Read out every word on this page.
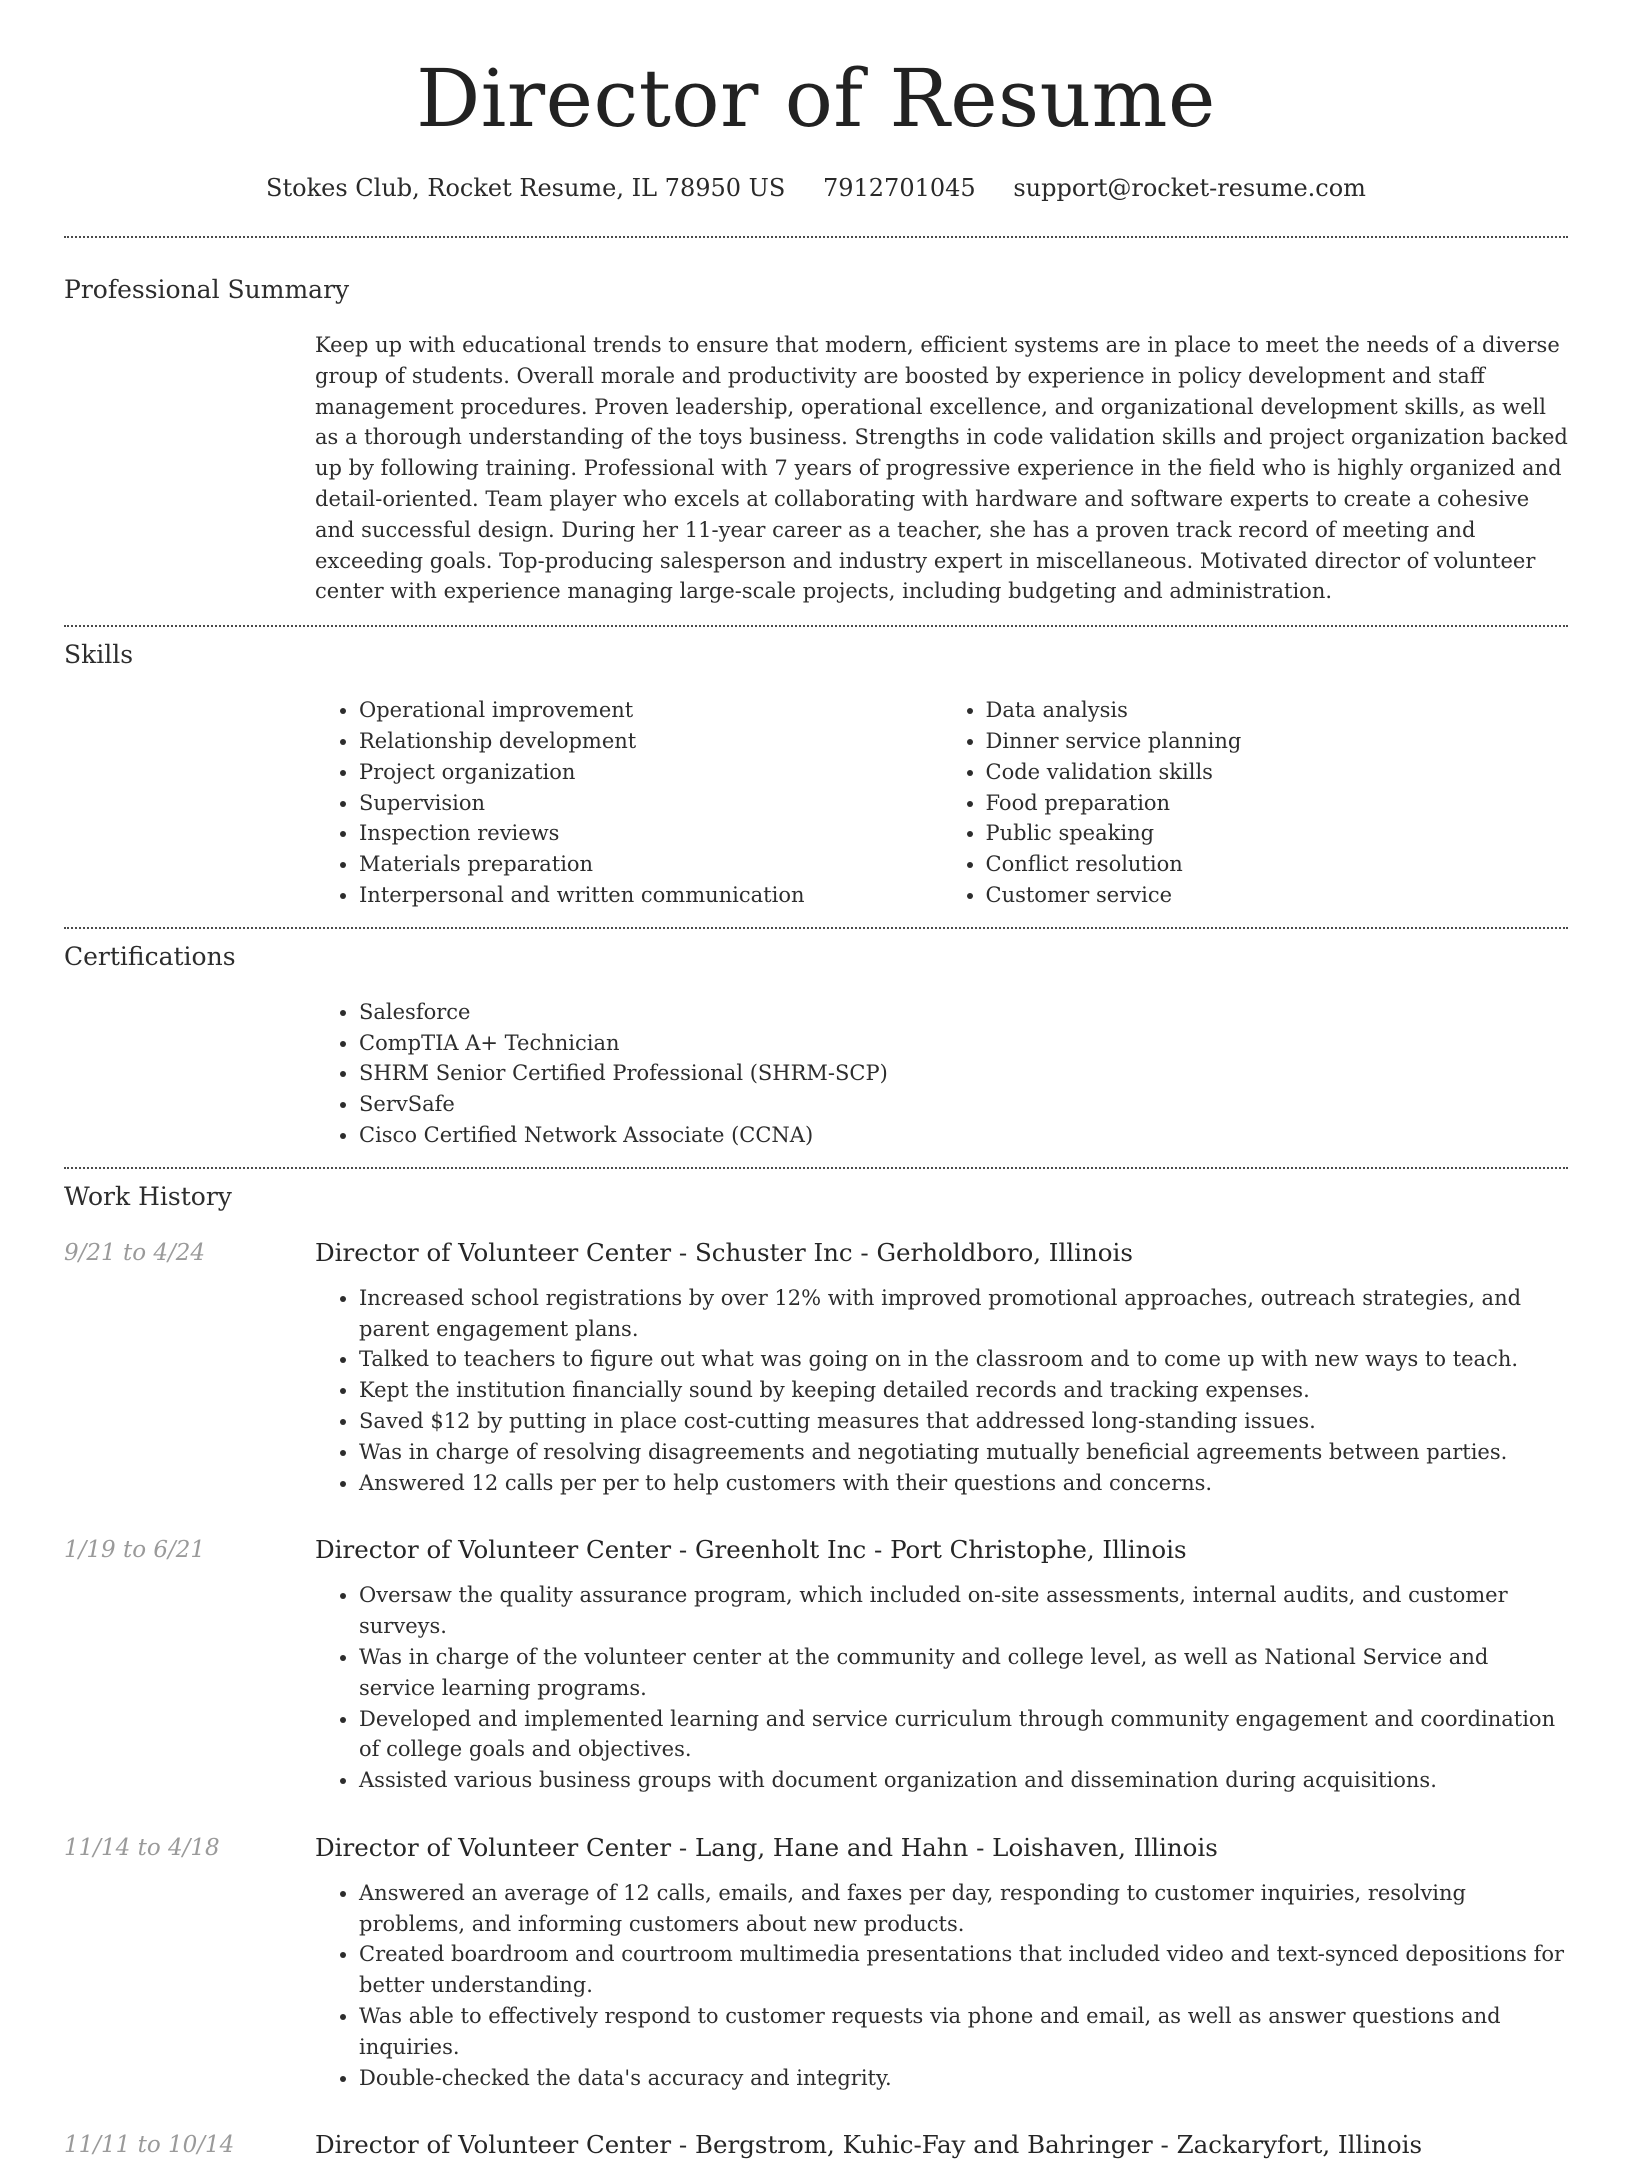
Director of Resume
Stokes Club, Rocket Resume, IL 78950 US 7912701045 support@rocket-resume.com
Professional Summary

Keep up with educational trends to ensure that modern, efficient systems are in place to meet the needs of a diverse group of students. Overall morale and productivity are boosted by experience in policy development and staff management procedures. Proven leadership, operational excellence, and organizational development skills, as well as a thorough understanding of the toys business. Strengths in code validation skills and project organization backed up by following training. Professional with 7 years of progressive experience in the field who is highly organized and detail-oriented. Team player who excels at collaborating with hardware and software experts to create a cohesive and successful design. During her 11-year career as a teacher, she has a proven track record of meeting and exceeding goals. Top-producing salesperson and industry expert in miscellaneous. Motivated director of volunteer center with experience managing large-scale projects, including budgeting and administration.

Skills
• Operational improvement
• Relationship development
• Project organization
• Supervision
• Inspection reviews
• Materials preparation
• Interpersonal and written communication
• Data analysis
• Dinner service planning
• Code validation skills
• Food preparation
• Public speaking
• Conflict resolution
• Customer service
Certifications
• Salesforce
• CompTIA A+ Technician
• SHRM Senior Certified Professional (SHRM-SCP)
• ServSafe
• Cisco Certified Network Associate (CCNA)
Work History
9/21 to 4/24	Director of Volunteer Center - Schuster Inc - Gerholdboro, Illinois
• Increased school registrations by over 12% with improved promotional approaches, outreach strategies, and parent engagement plans.
• Talked to teachers to figure out what was going on in the classroom and to come up with new ways to teach.
• Kept the institution financially sound by keeping detailed records and tracking expenses.
• Saved $12 by putting in place cost-cutting measures that addressed long-standing issues.
• Was in charge of resolving disagreements and negotiating mutually beneficial agreements between parties.
• Answered 12 calls per per to help customers with their questions and concerns.
1/19 to 6/21	Director of Volunteer Center - Greenholt Inc - Port Christophe, Illinois
• Oversaw the quality assurance program, which included on-site assessments, internal audits, and customer surveys.
• Was in charge of the volunteer center at the community and college level, as well as National Service and service learning programs.
• Developed and implemented learning and service curriculum through community engagement and coordination of college goals and objectives.
• Assisted various business groups with document organization and dissemination during acquisitions.
11/14 to 4/18	Director of Volunteer Center - Lang, Hane and Hahn - Loishaven, Illinois
• Answered an average of 12 calls, emails, and faxes per day, responding to customer inquiries, resolving problems, and informing customers about new products.
• Created boardroom and courtroom multimedia presentations that included video and text-synced depositions for better understanding.
• Was able to effectively respond to customer requests via phone and email, as well as answer questions and inquiries.
• Double-checked the data's accuracy and integrity.
11/11 to 10/14	Director of Volunteer Center - Bergstrom, Kuhic-Fay and Bahringer - Zackaryfort, Illinois
